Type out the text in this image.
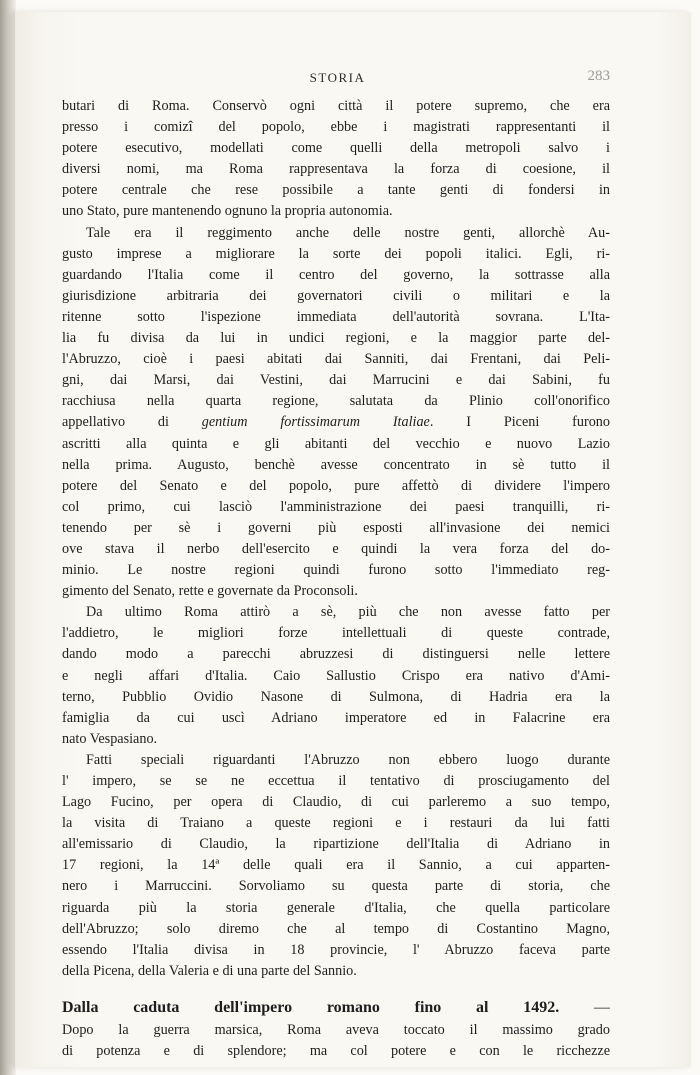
STORIA	283
butari di Roma. Conservò ogni città il potere supremo, che era
presso i comizî del popolo, ebbe i magistrati rappresentanti il
potere esecutivo, modellati come quelli della metropoli salvo i
diversi nomi, ma Roma rappresentava la forza di coesione, il
potere centrale che rese possibile a tante genti di fondersi in
uno Stato, pure mantenendo ognuno la propria autonomia.
Tale era il reggimento anche delle nostre genti, allorchè Au-
gusto imprese a migliorare la sorte dei popoli italici. Egli, ri-
guardando l'Italia come il centro del governo, la sottrasse alla
giurisdizione arbitraria dei governatori civili o militari e la
ritenne sotto l'ispezione immediata dell'autorità sovrana. L'Ita-
lia fu divisa da lui in undici regioni, e la maggior parte del-
l'Abruzzo, cioè i paesi abitati dai Sanniti, dai Frentani, dai Peli-
gni, dai Marsi, dai Vestini, dai Marrucini e dai Sabini, fu
racchiusa nella quarta regione, salutata da Plinio coll'onorifico
appellativo di gentium fortissimarum Italiae. I Piceni furono
ascritti alla quinta e gli abitanti del vecchio e nuovo Lazio
nella prima. Augusto, benchè avesse concentrato in sè tutto il
potere del Senato e del popolo, pure affettò di dividere l'impero
col primo, cui lasciò l'amministrazione dei paesi tranquilli, ri-
tenendo per sè i governi più esposti all'invasione dei nemici
ove stava il nerbo dell'esercito e quindi la vera forza del do-
minio. Le nostre regioni quindi furono sotto l'immediato reg-
gimento del Senato, rette e governate da Proconsoli.
Da ultimo Roma attirò a sè, più che non avesse fatto per
l'addietro, le migliori forze intellettuali di queste contrade,
dando modo a parecchi abruzzesi di distinguersi nelle lettere
e negli affari d'Italia. Caio Sallustio Crispo era nativo d'Ami-
terno, Pubblio Ovidio Nasone di Sulmona, di Hadria era la
famiglia da cui uscì Adriano imperatore ed in Falacrine era
nato Vespasiano.
Fatti speciali riguardanti l'Abruzzo non ebbero luogo durante
l' impero, se se ne eccettua il tentativo di prosciugamento del
Lago Fucino, per opera di Claudio, di cui parleremo a suo tempo,
la visita di Traiano a queste regioni e i restauri da lui fatti
all'emissario di Claudio, la ripartizione dell'Italia di Adriano in
17 regioni, la 14ª delle quali era il Sannio, a cui apparten-
nero i Marruccini. Sorvoliamo su questa parte di storia, che
riguarda più la storia generale d'Italia, che quella particolare
dell'Abruzzo; solo diremo che al tempo di Costantino Magno,
essendo l'Italia divisa in 18 provincie, l' Abruzzo faceva parte
della Picena, della Valeria e di una parte del Sannio.
Dalla caduta dell'impero romano fino al 1492. —
Dopo la guerra marsica, Roma aveva toccato il massimo grado
di potenza e di splendore; ma col potere e con le ricchezze
